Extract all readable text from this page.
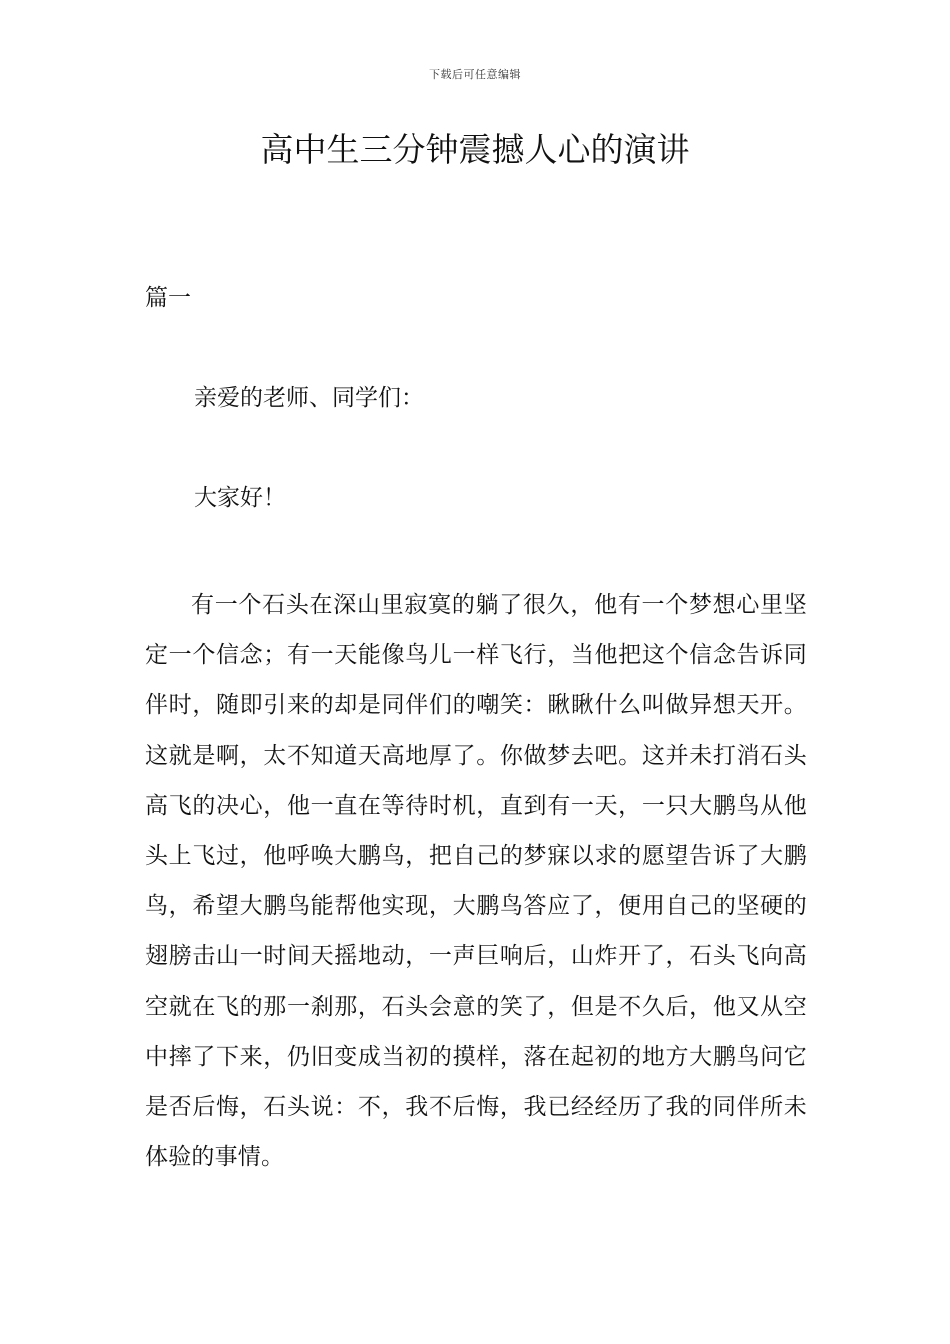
下载后可任意编辑
高中生三分钟震撼人心的演讲
篇一
亲爱的老师、同学们：
大家好！

有一个石头在深山里寂寞的躺了很久，他有一个梦想心里坚定一个信念；有一天能像鸟儿一样飞行，当他把这个信念告诉同伴时，随即引来的却是同伴们的嘲笑：瞅瞅什么叫做异想天开。这就是啊，太不知道天高地厚了。你做梦去吧。这并未打消石头高飞的决心，他一直在等待时机，直到有一天，一只大鹏鸟从他头上飞过，他呼唤大鹏鸟，把自己的梦寐以求的愿望告诉了大鹏鸟，希望大鹏鸟能帮他实现，大鹏鸟答应了，便用自己的坚硬的翅膀击山一时间天摇地动，一声巨响后，山炸开了，石头飞向高空就在飞的那一刹那，石头会意的笑了，但是不久后，他又从空中摔了下来，仍旧变成当初的摸样，落在起初的地方大鹏鸟问它是否后悔，石头说：不，我不后悔，我已经经历了我的同伴所未体验的事情。
